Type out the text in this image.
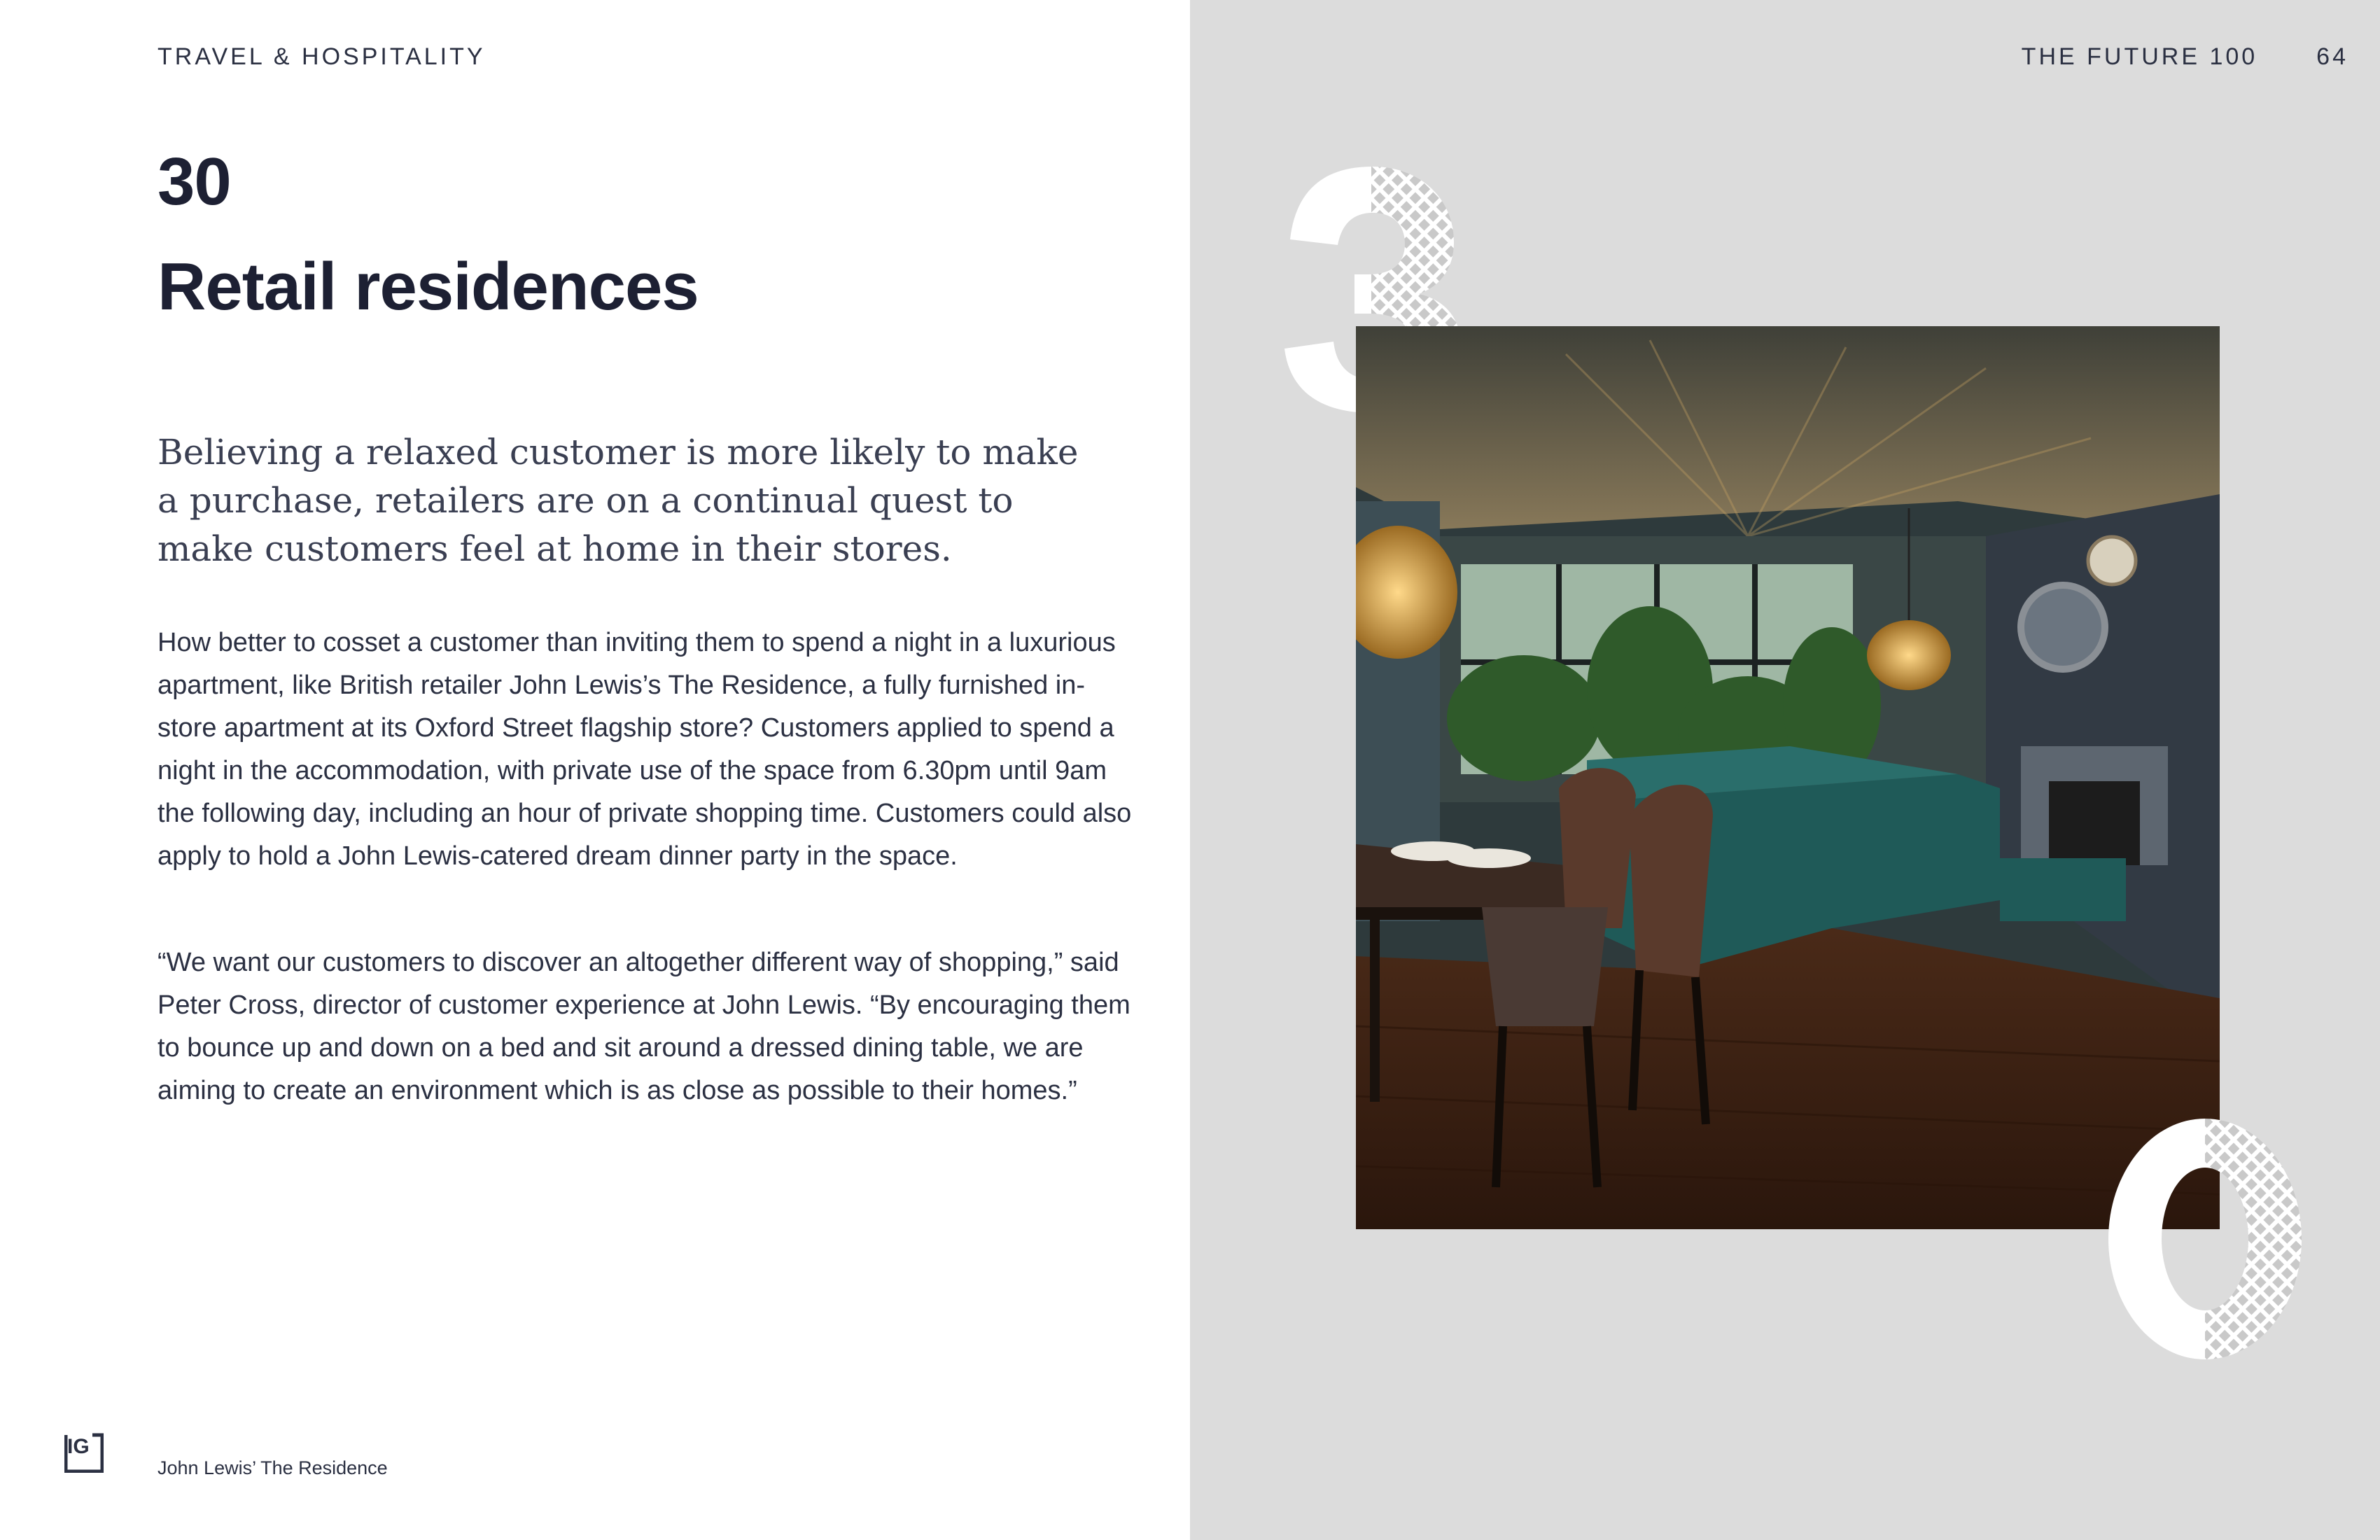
TRAVEL & HOSPITALITY
30
Retail residences
Believing a relaxed customer is more likely to make a purchase, retailers are on a continual quest to make customers feel at home in their stores.
How better to cosset a customer than inviting them to spend a night in a luxurious apartment, like British retailer John Lewis’s The Residence, a fully furnished in-store apartment at its Oxford Street flagship store? Customers applied to spend a night in the accommodation, with private use of the space from 6.30pm until 9am the following day, including an hour of private shopping time. Customers could also apply to hold a John Lewis-catered dream dinner party in the space.
“We want our customers to discover an altogether different way of shopping,” said Peter Cross, director of customer experience at John Lewis. “By encouraging them to bounce up and down on a bed and sit around a dressed dining table, we are aiming to create an environment which is as close as possible to their homes.”
IG
John Lewis’ The Residence
THE FUTURE 100 64
